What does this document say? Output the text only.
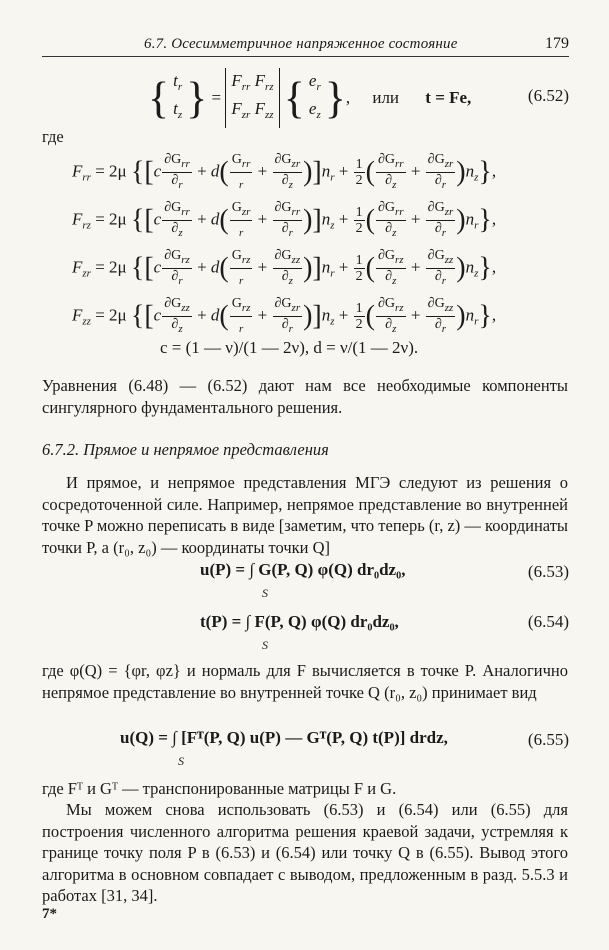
6.7. Осесимметричное напряженное состояние	179
{ $t_r$
$t_z\} = F_{rr}$ $F_{rz}$
$F_{zr}$ $F_{zz}$ { $e_r$
$e_z$}, или t = Fe,	(6.52)
где
$F_{rr} = 2\mu$ {$[c \frac{\partial G_{rr}}{\partial_r} + d( \frac{G_{rr}}{_r} + \frac{\partial G_{zr}}{\partial_z} )]n_r + \frac{1}{2}$ ( $\frac{\partial G_{rr}}{\partial_z} + \frac{\partial G_{zr}}{\partial_r} )n_z$},
$F_{rz} = 2\mu$ {$[c \frac{\partial G_{rr}}{\partial_z} + d( \frac{G_{zr}}{_r} + \frac{\partial G_{rr}}{\partial_r} )]n_z + \frac{1}{2}$ ( $\frac{\partial G_{rr}}{\partial_z} + \frac{\partial G_{zr}}{\partial_r} )n_r$},
$F_{zr} = 2\mu$ {$[c \frac{\partial G_{rz}}{\partial_r} + d( \frac{G_{rz}}{_r} + \frac{\partial G_{zz}}{\partial_z} )]n_r + \frac{1}{2}$ ( $\frac{\partial G_{rz}}{\partial_z} + \frac{\partial G_{zz}}{\partial_r} )n_z$},
$F_{zz} = 2\mu$ {$[c \frac{\partial G_{zz}}{\partial_z} + d( \frac{G_{rz}}{_r} + \frac{\partial G_{zr}}{\partial_r} )]n_z + \frac{1}{2}$ ( $\frac{\partial G_{rz}}{\partial_z} + \frac{\partial G_{zz}}{\partial_r} )n_r$},
c = (1 — ν)/(1 — 2ν), d = ν/(1 — 2ν).
Уравнения (6.48) — (6.52) дают нам все необходимые компоненты сингулярного фундаментального решения.
6.7.2. Прямое и непрямое представления
И прямое, и непрямое представления МГЭ следуют из решения о сосредоточенной силе. Например, непрямое представление во внутренней точке P можно переписать в виде [заметим, что теперь (r, z) — координаты точки P, а (r₀, z₀) — координаты точки Q]
u(P) = ∫ G(P, Q) φ(Q) dr₀dz₀,	(6.53)
S
t(P) = ∫ F(P, Q) φ(Q) dr₀dz₀,	(6.54)
S
где φ(Q) = {φr, φz} и нормаль для F вычисляется в точке P. Аналогично непрямое представление во внутренней точке Q (r₀, z₀) принимает вид
u(Q) = ∫ [Fᵀ(P, Q) u(P) — Gᵀ(P, Q) t(P)] drdz,	(6.55)
S
где Fᵀ и Gᵀ — транспонированные матрицы F и G.
Мы можем снова использовать (6.53) и (6.54) или (6.55) для построения численного алгоритма решения краевой задачи, устремляя к границе точку поля P в (6.53) и (6.54) или точку Q в (6.55). Вывод этого алгоритма в основном совпадает с выводом, предложенным в разд. 5.5.3 и работах [31, 34].
7*
